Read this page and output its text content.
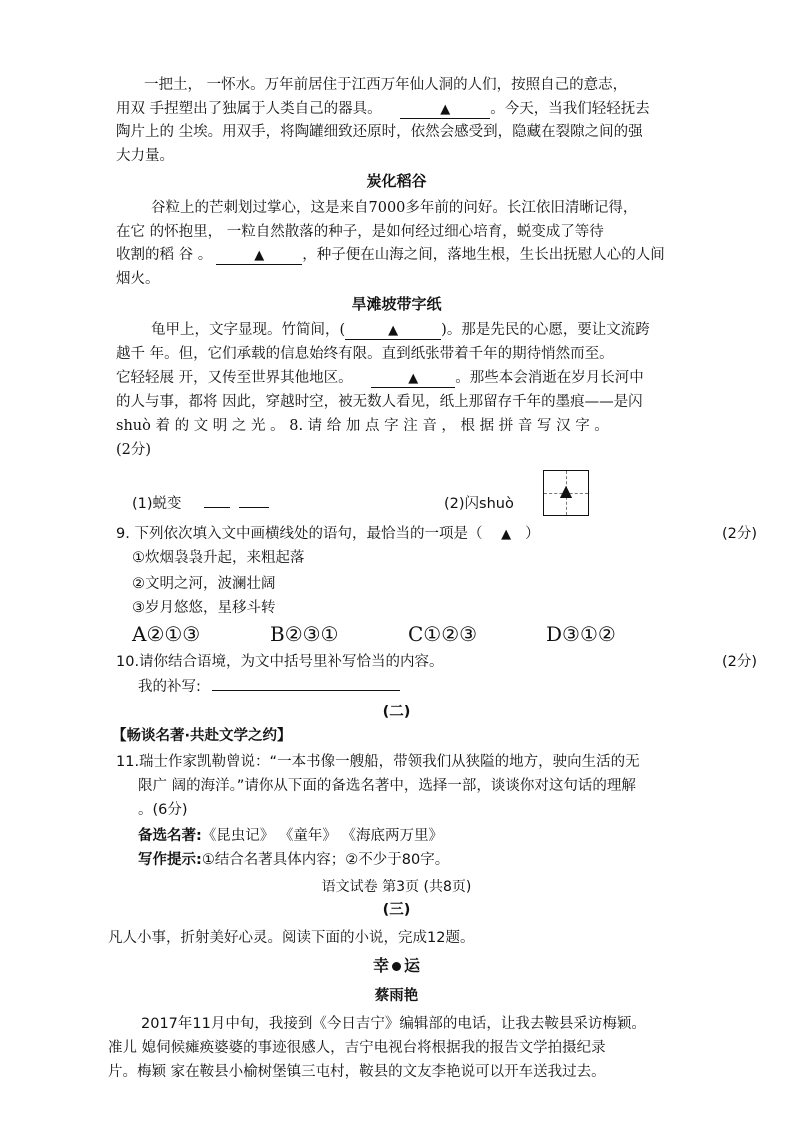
一把土， 一怀水。万年前居住于江西万年仙人洞的人们，按照自己的意志，
用双 手捏塑出了独属于人类自己的器具。	▲	。今天，当我们轻轻抚去
陶片上的 尘埃。用双手，将陶罐细致还原时，依然会感受到，隐藏在裂隙之间的强
大力量。
炭化稻谷
谷粒上的芒刺划过掌心，这是来自7000多年前的问好。长江依旧清晰记得，
在它 的怀抱里， 一粒自然散落的种子，是如何经过细心培育，蜕变成了等待
收割的稻 谷 。	▲	，种子便在山海之间，落地生根，生长出抚慰人心的人间
烟火。
旱滩坡带字纸
龟甲上，文字显现。竹简间，(	▲	)。那是先民的心愿，要让文流跨
越千 年。但，它们承载的信息始终有限。直到纸张带着千年的期待悄然而至。
它轻轻展 开，又传至世界其他地区。	▲	。那些本会消逝在岁月长河中
的人与事，都将 因此，穿越时空，被无数人看见，纸上那留存千年的墨痕——是闪
shuò 着 的 文 明 之 光 。 8. 请 给 加 点 字 注 音 ， 根 据 拼 音 写 汉 字 。
(2分)
(1)蜕变	(2)闪shuò
▲
9. 下列依次填入文中画横线处的语句，最恰当的一项是（ ▲ ）	(2分)
①炊烟袅袅升起，来粗起落
②文明之河，波澜壮阔
③岁月悠悠，星移斗转
A②①③	B②③①	C①②③	D③①②
10.请你结合语境，为文中括号里补写恰当的内容。	(2分)
我的补写:
(二)
【畅谈名著·共赴文学之约】
11.瑞士作家凯勒曾说：“一本书像一艘船，带领我们从狭隘的地方，驶向生活的无
限广 阔的海洋。”请你从下面的备选名著中，选择一部，谈谈你对这句话的理解
。(6分)
备选名著:《昆虫记》 《童年》 《海底两万里》
写作提示:①结合名著具体内容；②不少于80字。
语文试卷 第3页 (共8页)
(三)
凡人小事，折射美好心灵。阅读下面的小说，完成12题。
幸 运
蔡雨艳
2017年11月中旬，我接到《今日吉宁》编辑部的电话，让我去鞍县采访梅颖。
准儿 媳伺候瘫痪婆婆的事迹很感人，吉宁电视台将根据我的报告文学拍摄纪录
片。梅颖 家在鞍县小榆树堡镇三屯村，鞍县的文友李艳说可以开车送我过去。
